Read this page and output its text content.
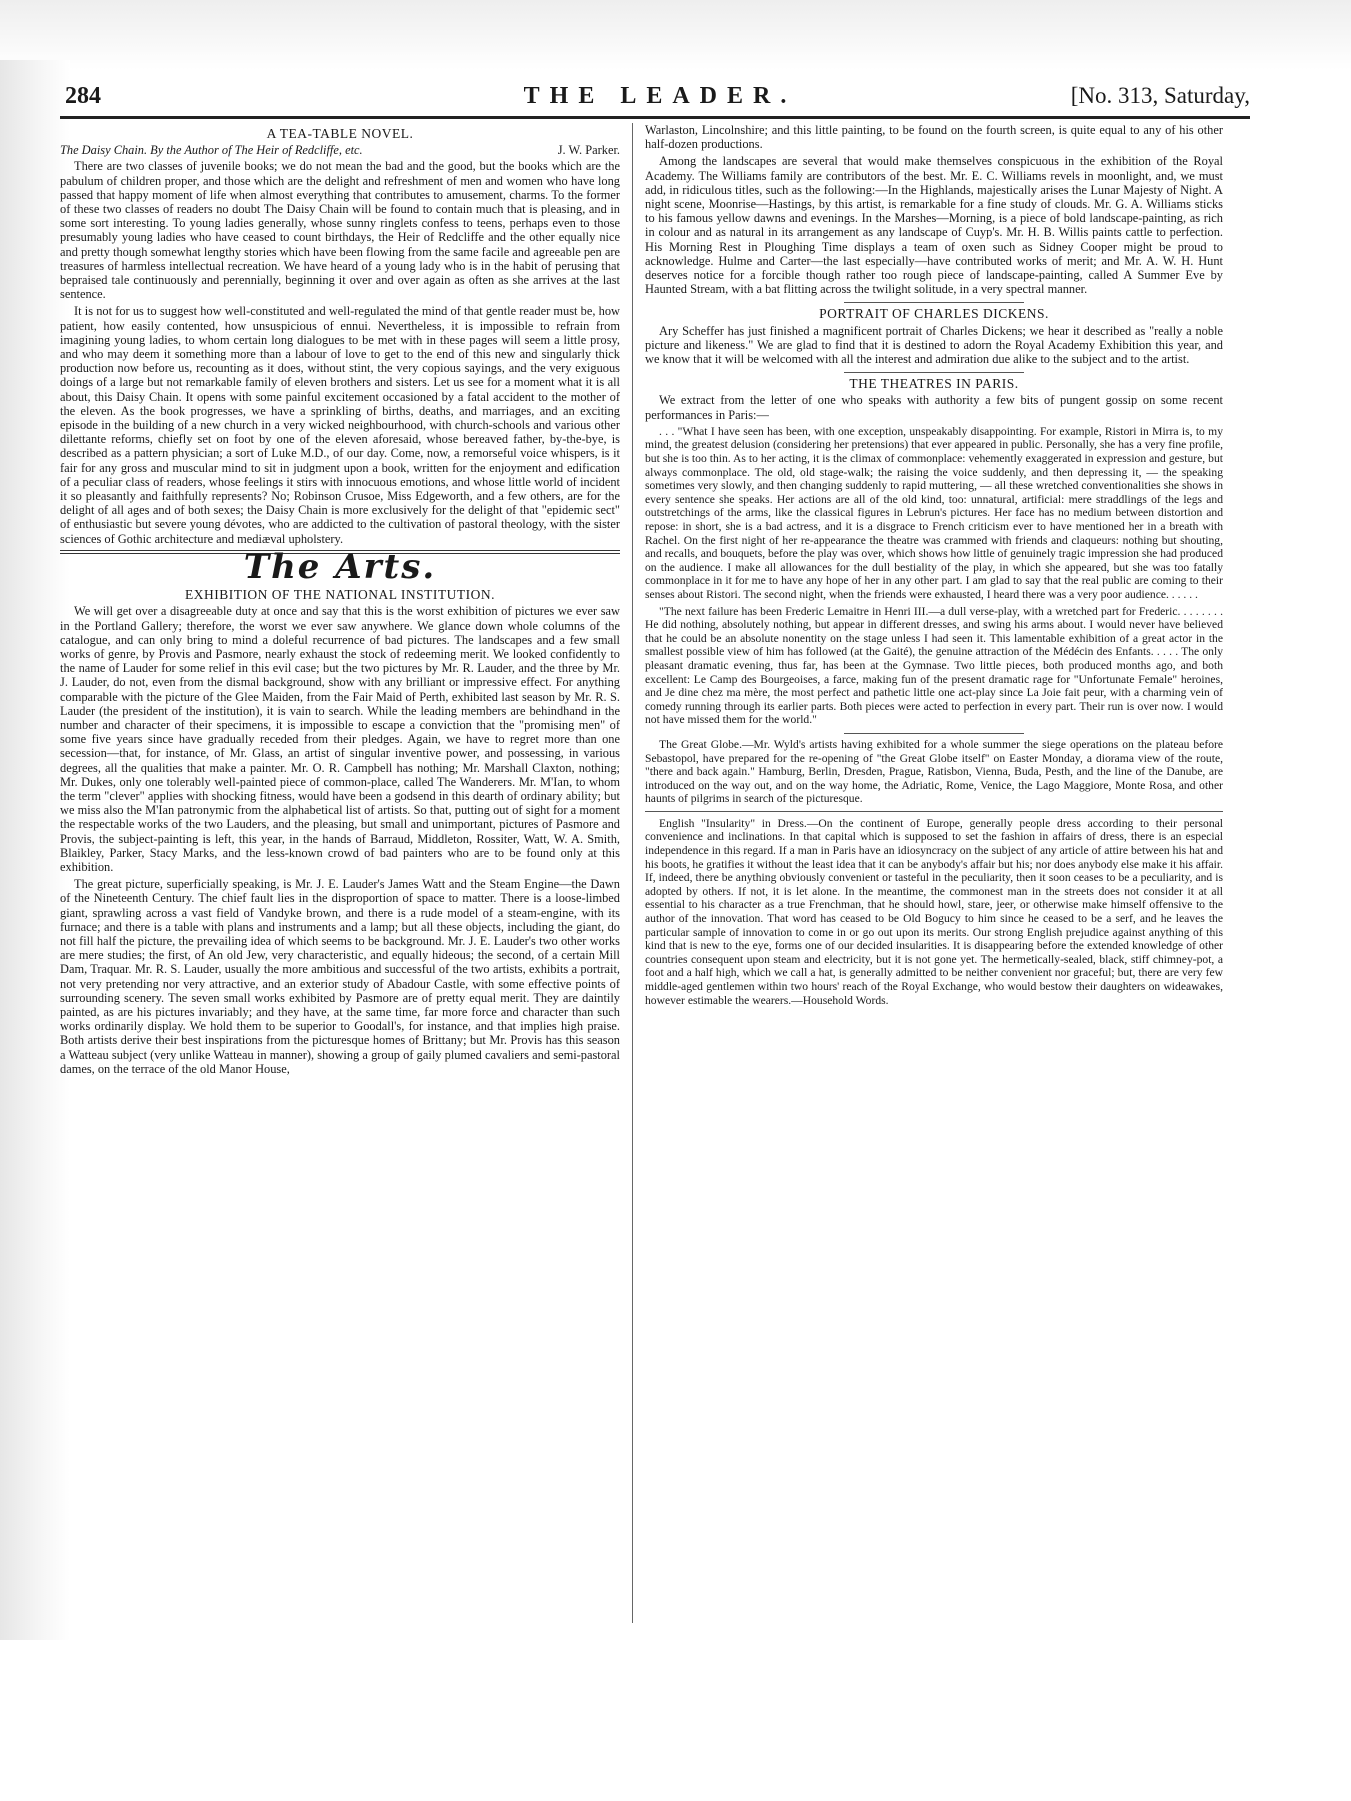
284	THE LEADER.	[No. 313, Saturday,
A TEA-TABLE NOVEL.
The Daisy Chain. By the Author of The Heir of Redcliffe, etc.	J. W. Parker.

There are two classes of juvenile books; we do not mean the bad and the good, but the books which are the pabulum of children proper, and those which are the delight and refreshment of men and women who have long passed that happy moment of life when almost everything that contributes to amusement, charms. To the former of these two classes of readers no doubt The Daisy Chain will be found to contain much that is pleasing, and in some sort interesting. To young ladies generally, whose sunny ringlets confess to teens, perhaps even to those presumably young ladies who have ceased to count birthdays, the Heir of Redcliffe and the other equally nice and pretty though somewhat lengthy stories which have been flowing from the same facile and agreeable pen are treasures of harmless intellectual recreation. We have heard of a young lady who is in the habit of perusing that bepraised tale continuously and perennially, beginning it over and over again as often as she arrives at the last sentence.

It is not for us to suggest how well-constituted and well-regulated the mind of that gentle reader must be, how patient, how easily contented, how unsuspicious of ennui. Nevertheless, it is impossible to refrain from imagining young ladies, to whom certain long dialogues to be met with in these pages will seem a little prosy, and who may deem it something more than a labour of love to get to the end of this new and singularly thick production now before us, recounting as it does, without stint, the very copious sayings, and the very exiguous doings of a large but not remarkable family of eleven brothers and sisters. Let us see for a moment what it is all about, this Daisy Chain. It opens with some painful excitement occasioned by a fatal accident to the mother of the eleven. As the book progresses, we have a sprinkling of births, deaths, and marriages, and an exciting episode in the building of a new church in a very wicked neighbourhood, with church-schools and various other dilettante reforms, chiefly set on foot by one of the eleven aforesaid, whose bereaved father, by-the-bye, is described as a pattern physician; a sort of Luke M.D., of our day. Come, now, a remorseful voice whispers, is it fair for any gross and muscular mind to sit in judgment upon a book, written for the enjoyment and edification of a peculiar class of readers, whose feelings it stirs with innocuous emotions, and whose little world of incident it so pleasantly and faithfully represents? No; Robinson Crusoe, Miss Edgeworth, and a few others, are for the delight of all ages and of both sexes; the Daisy Chain is more exclusively for the delight of that "epidemic sect" of enthusiastic but severe young dévotes, who are addicted to the cultivation of pastoral theology, with the sister sciences of Gothic architecture and mediæval upholstery.

The Arts.
EXHIBITION OF THE NATIONAL INSTITUTION.

We will get over a disagreeable duty at once and say that this is the worst exhibition of pictures we ever saw in the Portland Gallery; therefore, the worst we ever saw anywhere. We glance down whole columns of the catalogue, and can only bring to mind a doleful recurrence of bad pictures. The landscapes and a few small works of genre, by Provis and Pasmore, nearly exhaust the stock of redeeming merit. We looked confidently to the name of Lauder for some relief in this evil case; but the two pictures by Mr. R. Lauder, and the three by Mr. J. Lauder, do not, even from the dismal background, show with any brilliant or impressive effect. For anything comparable with the picture of the Glee Maiden, from the Fair Maid of Perth, exhibited last season by Mr. R. S. Lauder (the president of the institution), it is vain to search. While the leading members are behindhand in the number and character of their specimens, it is impossible to escape a conviction that the "promising men" of some five years since have gradually receded from their pledges. Again, we have to regret more than one secession—that, for instance, of Mr. Glass, an artist of singular inventive power, and possessing, in various degrees, all the qualities that make a painter. Mr. O. R. Campbell has nothing; Mr. Marshall Claxton, nothing; Mr. Dukes, only one tolerably well-painted piece of common-place, called The Wanderers. Mr. M'Ian, to whom the term "clever" applies with shocking fitness, would have been a godsend in this dearth of ordinary ability; but we miss also the M'Ian patronymic from the alphabetical list of artists. So that, putting out of sight for a moment the respectable works of the two Lauders, and the pleasing, but small and unimportant, pictures of Pasmore and Provis, the subject-painting is left, this year, in the hands of Barraud, Middleton, Rossiter, Watt, W. A. Smith, Blaikley, Parker, Stacy Marks, and the less-known crowd of bad painters who are to be found only at this exhibition.

The great picture, superficially speaking, is Mr. J. E. Lauder's James Watt and the Steam Engine—the Dawn of the Nineteenth Century. The chief fault lies in the disproportion of space to matter. There is a loose-limbed giant, sprawling across a vast field of Vandyke brown, and there is a rude model of a steam-engine, with its furnace; and there is a table with plans and instruments and a lamp; but all these objects, including the giant, do not fill half the picture, the prevailing idea of which seems to be background. Mr. J. E. Lauder's two other works are mere studies; the first, of An old Jew, very characteristic, and equally hideous; the second, of a certain Mill Dam, Traquar. Mr. R. S. Lauder, usually the more ambitious and successful of the two artists, exhibits a portrait, not very pretending nor very attractive, and an exterior study of Abadour Castle, with some effective points of surrounding scenery. The seven small works exhibited by Pasmore are of pretty equal merit. They are daintily painted, as are his pictures invariably; and they have, at the same time, far more force and character than such works ordinarily display. We hold them to be superior to Goodall's, for instance, and that implies high praise. Both artists derive their best inspirations from the picturesque homes of Brittany; but Mr. Provis has this season a Watteau subject (very unlike Watteau in manner), showing a group of gaily plumed cavaliers and semi-pastoral dames, on the terrace of the old Manor House,

Warlaston, Lincolnshire; and this little painting, to be found on the fourth screen, is quite equal to any of his other half-dozen productions.

Among the landscapes are several that would make themselves conspicuous in the exhibition of the Royal Academy. The Williams family are contributors of the best. Mr. E. C. Williams revels in moonlight, and, we must add, in ridiculous titles, such as the following:—In the Highlands, majestically arises the Lunar Majesty of Night. A night scene, Moonrise—Hastings, by this artist, is remarkable for a fine study of clouds. Mr. G. A. Williams sticks to his famous yellow dawns and evenings. In the Marshes—Morning, is a piece of bold landscape-painting, as rich in colour and as natural in its arrangement as any landscape of Cuyp's. Mr. H. B. Willis paints cattle to perfection. His Morning Rest in Ploughing Time displays a team of oxen such as Sidney Cooper might be proud to acknowledge. Hulme and Carter—the last especially—have contributed works of merit; and Mr. A. W. H. Hunt deserves notice for a forcible though rather too rough piece of landscape-painting, called A Summer Eve by Haunted Stream, with a bat flitting across the twilight solitude, in a very spectral manner.

PORTRAIT OF CHARLES DICKENS.

Ary Scheffer has just finished a magnificent portrait of Charles Dickens; we hear it described as "really a noble picture and likeness." We are glad to find that it is destined to adorn the Royal Academy Exhibition this year, and we know that it will be welcomed with all the interest and admiration due alike to the subject and to the artist.

THE THEATRES IN PARIS.

We extract from the letter of one who speaks with authority a few bits of pungent gossip on some recent performances in Paris:—

. . . "What I have seen has been, with one exception, unspeakably disappointing. For example, Ristori in Mirra is, to my mind, the greatest delusion (considering her pretensions) that ever appeared in public. Personally, she has a very fine profile, but she is too thin. As to her acting, it is the climax of commonplace: vehemently exaggerated in expression and gesture, but always commonplace. The old, old stage-walk; the raising the voice suddenly, and then depressing it, — the speaking sometimes very slowly, and then changing suddenly to rapid muttering, — all these wretched conventionalities she shows in every sentence she speaks. Her actions are all of the old kind, too: unnatural, artificial: mere straddlings of the legs and outstretchings of the arms, like the classical figures in Lebrun's pictures. Her face has no medium between distortion and repose: in short, she is a bad actress, and it is a disgrace to French criticism ever to have mentioned her in a breath with Rachel. On the first night of her re-appearance the theatre was crammed with friends and claqueurs: nothing but shouting, and recalls, and bouquets, before the play was over, which shows how little of genuinely tragic impression she had produced on the audience. I make all allowances for the dull bestiality of the play, in which she appeared, but she was too fatally commonplace in it for me to have any hope of her in any other part. I am glad to say that the real public are coming to their senses about Ristori. The second night, when the friends were exhausted, I heard there was a very poor audience. . . . . .

"The next failure has been Frederic Lemaitre in Henri III.—a dull verse-play, with a wretched part for Frederic. . . . . . . . He did nothing, absolutely nothing, but appear in different dresses, and swing his arms about. I would never have believed that he could be an absolute nonentity on the stage unless I had seen it. This lamentable exhibition of a great actor in the smallest possible view of him has followed (at the Gaité), the genuine attraction of the Médécin des Enfants. . . . . The only pleasant dramatic evening, thus far, has been at the Gymnase. Two little pieces, both produced months ago, and both excellent: Le Camp des Bourgeoises, a farce, making fun of the present dramatic rage for "Unfortunate Female" heroines, and Je dine chez ma mère, the most perfect and pathetic little one act-play since La Joie fait peur, with a charming vein of comedy running through its earlier parts. Both pieces were acted to perfection in every part. Their run is over now. I would not have missed them for the world."

The Great Globe.—Mr. Wyld's artists having exhibited for a whole summer the siege operations on the plateau before Sebastopol, have prepared for the re-opening of "the Great Globe itself" on Easter Monday, a diorama view of the route, "there and back again." Hamburg, Berlin, Dresden, Prague, Ratisbon, Vienna, Buda, Pesth, and the line of the Danube, are introduced on the way out, and on the way home, the Adriatic, Rome, Venice, the Lago Maggiore, Monte Rosa, and other haunts of pilgrims in search of the picturesque.

English "Insularity" in Dress.—On the continent of Europe, generally people dress according to their personal convenience and inclinations. In that capital which is supposed to set the fashion in affairs of dress, there is an especial independence in this regard. If a man in Paris have an idiosyncracy on the subject of any article of attire between his hat and his boots, he gratifies it without the least idea that it can be anybody's affair but his; nor does anybody else make it his affair. If, indeed, there be anything obviously convenient or tasteful in the peculiarity, then it soon ceases to be a peculiarity, and is adopted by others. If not, it is let alone. In the meantime, the commonest man in the streets does not consider it at all essential to his character as a true Frenchman, that he should howl, stare, jeer, or otherwise make himself offensive to the author of the innovation. That word has ceased to be Old Bogucy to him since he ceased to be a serf, and he leaves the particular sample of innovation to come in or go out upon its merits. Our strong English prejudice against anything of this kind that is new to the eye, forms one of our decided insularities. It is disappearing before the extended knowledge of other countries consequent upon steam and electricity, but it is not gone yet. The hermetically-sealed, black, stiff chimney-pot, a foot and a half high, which we call a hat, is generally admitted to be neither convenient nor graceful; but, there are very few middle-aged gentlemen within two hours' reach of the Royal Exchange, who would bestow their daughters on wideawakes, however estimable the wearers.—Household Words.
